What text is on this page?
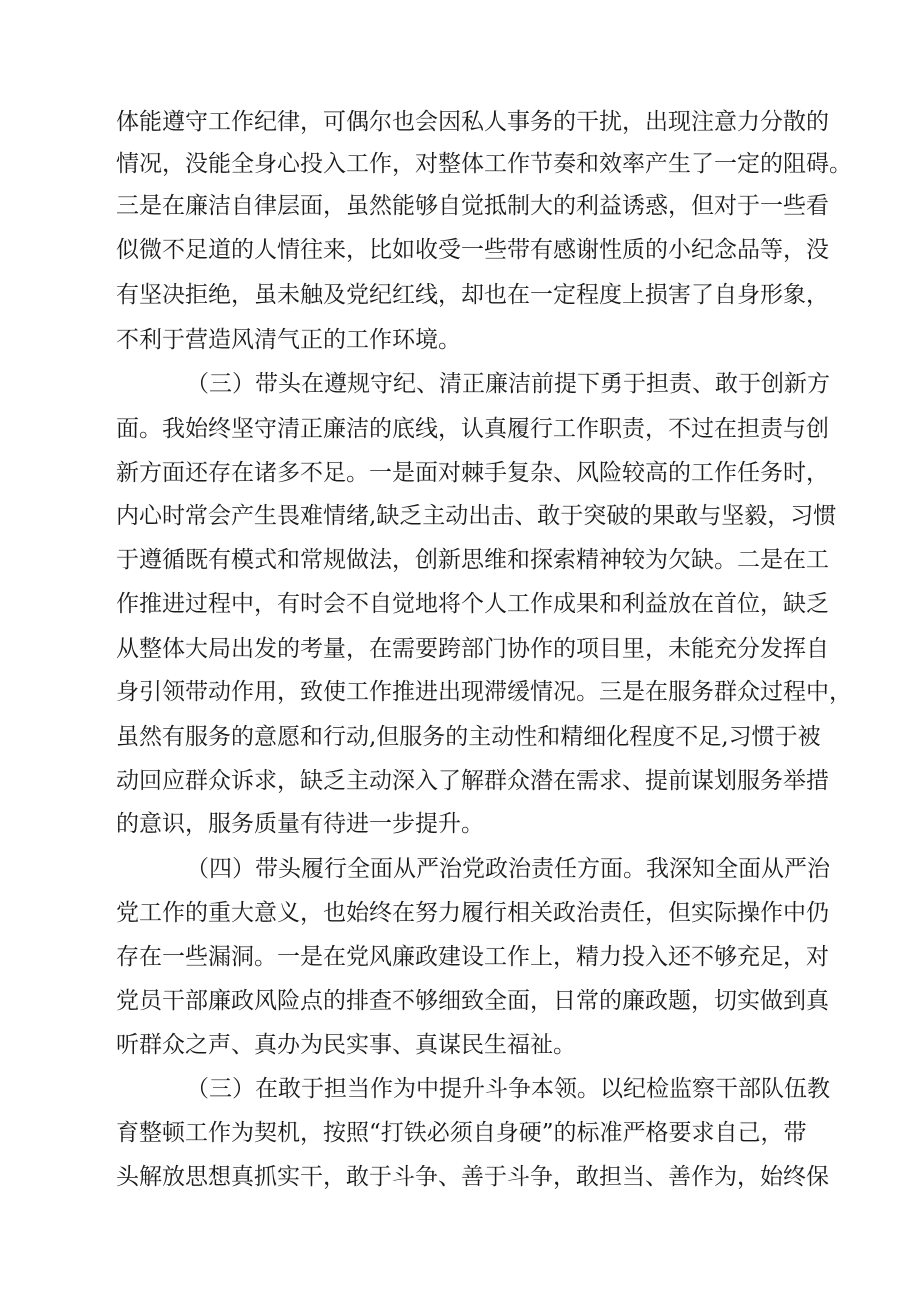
体能遵守工作纪律，可偶尔也会因私人事务的干扰，出现注意力分散的
情况，没能全身心投入工作，对整体工作节奏和效率产生了一定的阻碍。
三是在廉洁自律层面，虽然能够自觉抵制大的利益诱惑，但对于一些看
似微不足道的人情往来，比如收受一些带有感谢性质的小纪念品等，没
有坚决拒绝，虽未触及党纪红线，却也在一定程度上损害了自身形象，
不利于营造风清气正的工作环境。
（三）带头在遵规守纪、清正廉洁前提下勇于担责、敢于创新方
面。我始终坚守清正廉洁的底线，认真履行工作职责，不过在担责与创
新方面还存在诸多不足。一是面对棘手复杂、风险较高的工作任务时，
内心时常会产生畏难情绪,缺乏主动出击、敢于突破的果敢与坚毅，习惯
于遵循既有模式和常规做法，创新思维和探索精神较为欠缺。二是在工
作推进过程中，有时会不自觉地将个人工作成果和利益放在首位，缺乏
从整体大局出发的考量，在需要跨部门协作的项目里，未能充分发挥自
身引领带动作用，致使工作推进出现滞缓情况。三是在服务群众过程中，
虽然有服务的意愿和行动,但服务的主动性和精细化程度不足,习惯于被
动回应群众诉求，缺乏主动深入了解群众潜在需求、提前谋划服务举措
的意识，服务质量有待进一步提升。
（四）带头履行全面从严治党政治责任方面。我深知全面从严治
党工作的重大意义，也始终在努力履行相关政治责任，但实际操作中仍
存在一些漏洞。一是在党风廉政建设工作上，精力投入还不够充足，对
党员干部廉政风险点的排查不够细致全面，日常的廉政题，切实做到真
听群众之声、真办为民实事、真谋民生福祉。
（三）在敢于担当作为中提升斗争本领。以纪检监察干部队伍教
育整顿工作为契机，按照“打铁必须自身硬”的标准严格要求自己，带
头解放思想真抓实干，敢于斗争、善于斗争，敢担当、善作为，始终保
